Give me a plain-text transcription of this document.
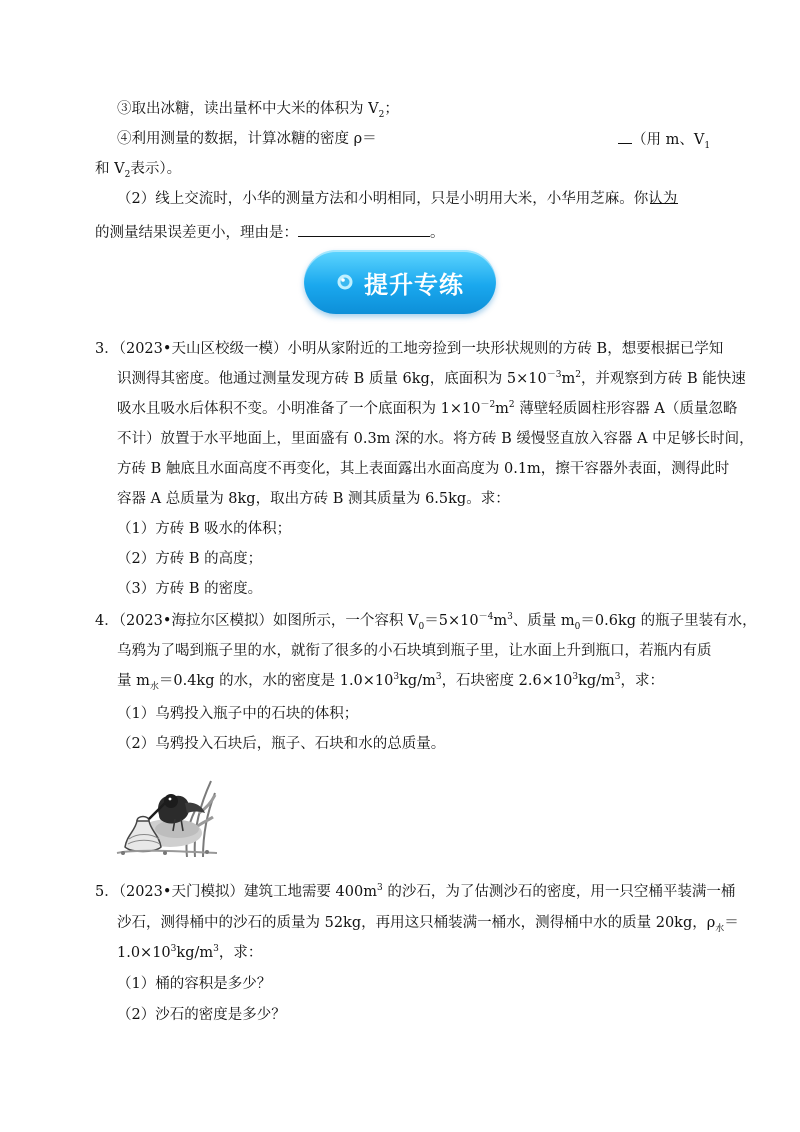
③取出冰糖，读出量杯中大米的体积为 $V_2$；
④利用测量的数据，计算冰糖的密度 ρ＝	（用 m、$V_1$
和 $V_2$表示）。
（2）线上交流时，小华的测量方法和小明相同，只是小明用大米，小华用芝麻。你认为
的测量结果误差更小，理由是：	。
提升专练
3．（2023•天山区校级一模）小明从家附近的工地旁捡到一块形状规则的方砖 B，想要根据已学知
识测得其密度。他通过测量发现方砖 B 质量 6kg，底面积为 $5\times 10^{-3}m^2$，并观察到方砖 B 能快速
吸水且吸水后体积不变。小明准备了一个底面积为 $1\times 10^{-2}m^2$ 薄壁轻质圆柱形容器 A（质量忽略
不计）放置于水平地面上，里面盛有 0.3m 深的水。将方砖 B 缓慢竖直放入容器 A 中足够长时间，
方砖 B 触底且水面高度不再变化，其上表面露出水面高度为 0.1m，擦干容器外表面，测得此时
容器 A 总质量为 8kg，取出方砖 B 测其质量为 6.5kg。求：
（1）方砖 B 吸水的体积；
（2）方砖 B 的高度；
（3）方砖 B 的密度。
4．（2023•海拉尔区模拟）如图所示，一个容积 $V_0=5\times 10^{-4}m^3$、质量 $m_0=0.6kg$ 的瓶子里装有水，
乌鸦为了喝到瓶子里的水，就衔了很多的小石块填到瓶子里，让水面上升到瓶口，若瓶内有质
量 $m_水=0.4kg$ 的水，水的密度是 $1.0\times 10^3kg/m^3$，石块密度 $2.6\times 10^3kg/m^3$，求：
（1）乌鸦投入瓶子中的石块的体积；
（2）乌鸦投入石块后，瓶子、石块和水的总质量。
5．（2023•天门模拟）建筑工地需要 $400m^3$ 的沙石，为了估测沙石的密度，用一只空桶平装满一桶
沙石，测得桶中的沙石的质量为 52kg，再用这只桶装满一桶水，测得桶中水的质量 20kg，$\rho_水=$
$1.0\times 10^3kg/m^3$，求：
（1）桶的容积是多少？
（2）沙石的密度是多少？
